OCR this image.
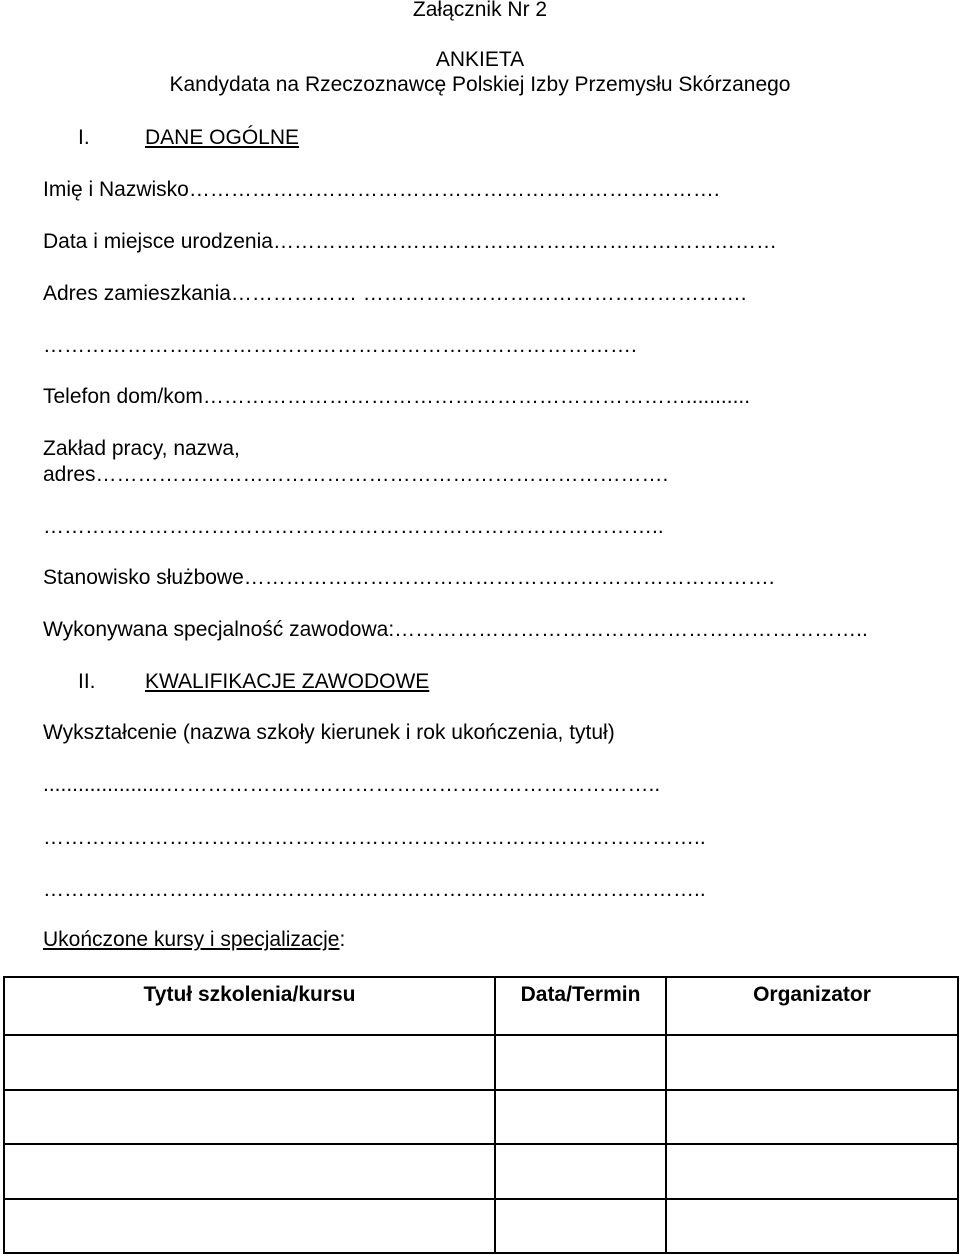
Załącznik Nr 2
ANKIETA
Kandydata na Rzeczoznawcę Polskiej Izby Przemysłu Skórzanego
I.	DANE OGÓLNE
Imię i Nazwisko………………………………………………………………….
Data i miejsce urodzenia………………………………………………………………
Adres zamieszkania……………… ……………………………………………….
………………………………………………………………………….
Telefon dom/kom……………………………………………………………...........
Zakład pracy, nazwa,
adres……………………………………………………………………….
……………………………………………………………………………..
Stanowisko służbowe………………………………………………………………….
Wykonywana specjalność zawodowa:…………………………………………………………..
II. KWALIFIKACJE ZAWODOWE
Wykształcenie (nazwa szkoły kierunek i rok ukończenia, tytuł)
.....................……………………………………………………………..
…………………………………………………………………………………..
…………………………………………………………………………………..
Ukończone kursy i specjalizacje:
Tytuł szkolenia/kursu	Data/Termin	Organizator
